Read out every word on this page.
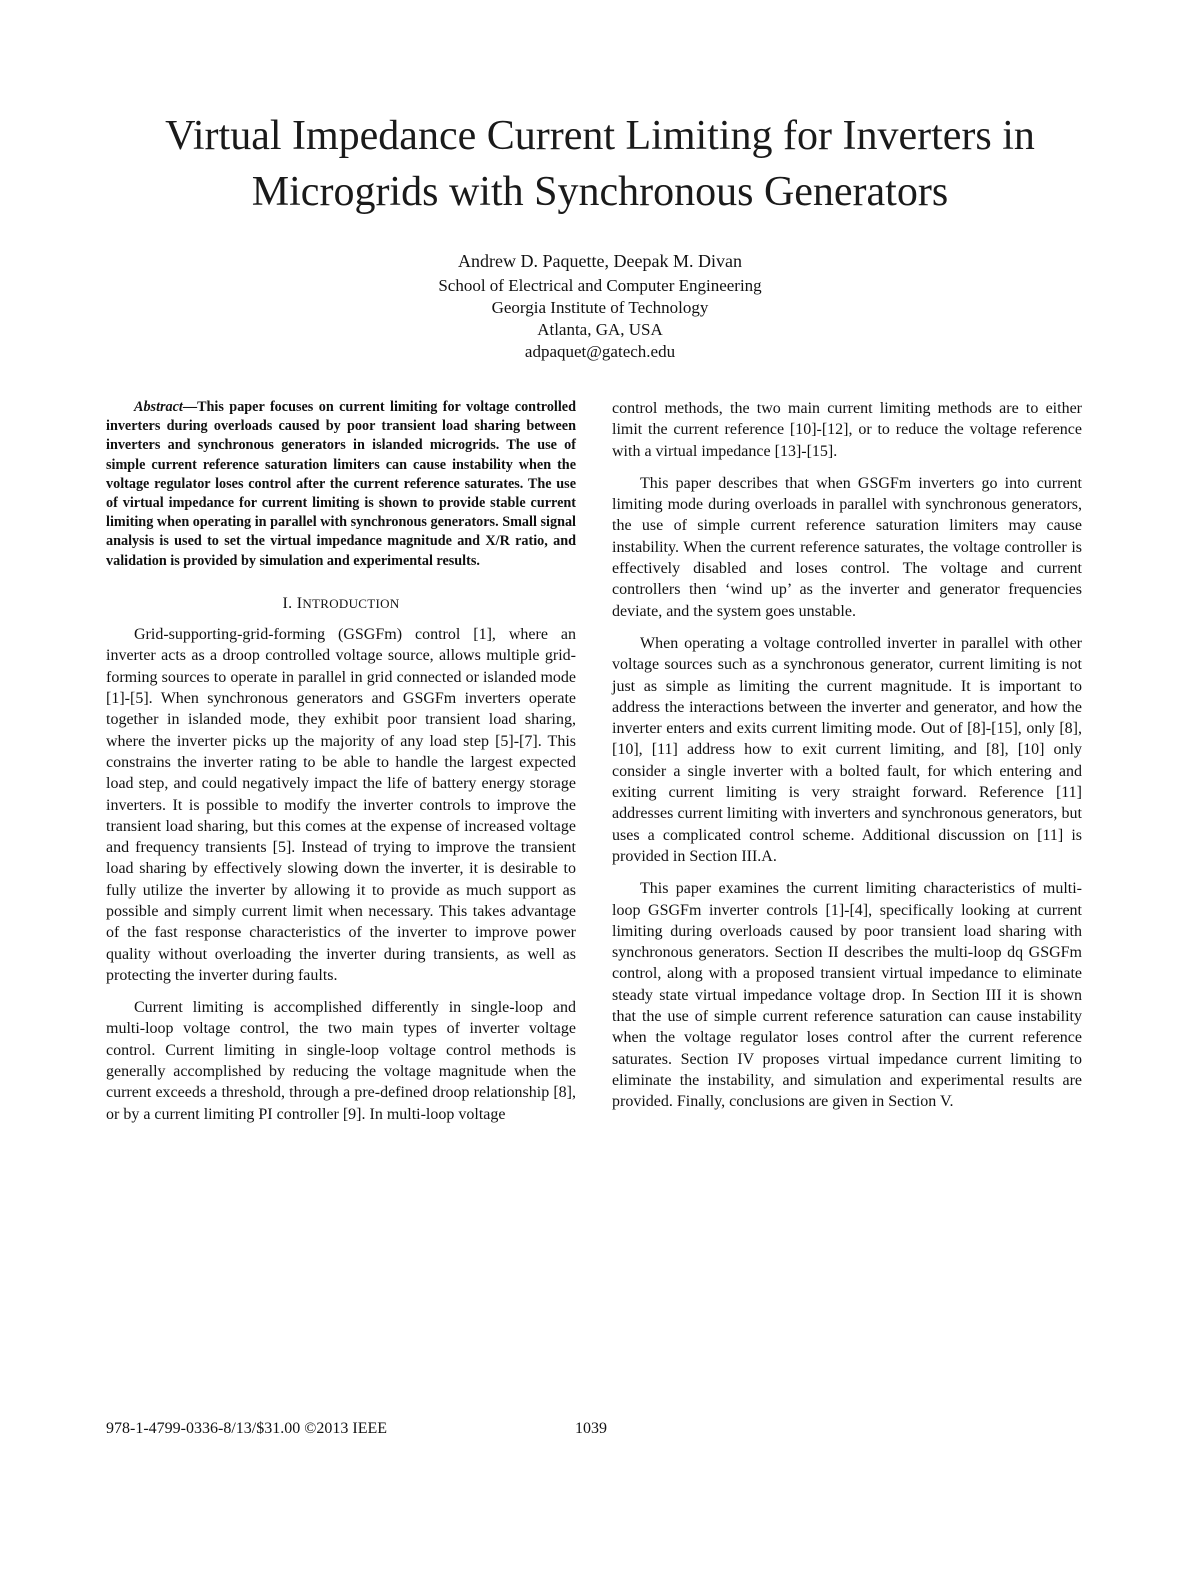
Virtual Impedance Current Limiting for Inverters in Microgrids with Synchronous Generators
Andrew D. Paquette, Deepak M. Divan
School of Electrical and Computer Engineering
Georgia Institute of Technology
Atlanta, GA, USA
adpaquet@gatech.edu

Abstract—This paper focuses on current limiting for voltage controlled inverters during overloads caused by poor transient load sharing between inverters and synchronous generators in islanded microgrids. The use of simple current reference saturation limiters can cause instability when the voltage regulator loses control after the current reference saturates. The use of virtual impedance for current limiting is shown to provide stable current limiting when operating in parallel with synchronous generators. Small signal analysis is used to set the virtual impedance magnitude and X/R ratio, and validation is provided by simulation and experimental results.

I. INTRODUCTION

Grid-supporting-grid-forming (GSGFm) control [1], where an inverter acts as a droop controlled voltage source, allows multiple grid-forming sources to operate in parallel in grid connected or islanded mode [1]-[5]. When synchronous generators and GSGFm inverters operate together in islanded mode, they exhibit poor transient load sharing, where the inverter picks up the majority of any load step [5]-[7]. This constrains the inverter rating to be able to handle the largest expected load step, and could negatively impact the life of battery energy storage inverters. It is possible to modify the inverter controls to improve the transient load sharing, but this comes at the expense of increased voltage and frequency transients [5]. Instead of trying to improve the transient load sharing by effectively slowing down the inverter, it is desirable to fully utilize the inverter by allowing it to provide as much support as possible and simply current limit when necessary. This takes advantage of the fast response characteristics of the inverter to improve power quality without overloading the inverter during transients, as well as protecting the inverter during faults.

Current limiting is accomplished differently in single-loop and multi-loop voltage control, the two main types of inverter voltage control. Current limiting in single-loop voltage control methods is generally accomplished by reducing the voltage magnitude when the current exceeds a threshold, through a pre-defined droop relationship [8], or by a current limiting PI controller [9]. In multi-loop voltage

control methods, the two main current limiting methods are to either limit the current reference [10]-[12], or to reduce the voltage reference with a virtual impedance [13]-[15].

This paper describes that when GSGFm inverters go into current limiting mode during overloads in parallel with synchronous generators, the use of simple current reference saturation limiters may cause instability. When the current reference saturates, the voltage controller is effectively disabled and loses control. The voltage and current controllers then ‘wind up’ as the inverter and generator frequencies deviate, and the system goes unstable.

When operating a voltage controlled inverter in parallel with other voltage sources such as a synchronous generator, current limiting is not just as simple as limiting the current magnitude. It is important to address the interactions between the inverter and generator, and how the inverter enters and exits current limiting mode. Out of [8]-[15], only [8], [10], [11] address how to exit current limiting, and [8], [10] only consider a single inverter with a bolted fault, for which entering and exiting current limiting is very straight forward. Reference [11] addresses current limiting with inverters and synchronous generators, but uses a complicated control scheme. Additional discussion on [11] is provided in Section III.A.

This paper examines the current limiting characteristics of multi-loop GSGFm inverter controls [1]-[4], specifically looking at current limiting during overloads caused by poor transient load sharing with synchronous generators. Section II describes the multi-loop dq GSGFm control, along with a proposed transient virtual impedance to eliminate steady state virtual impedance voltage drop. In Section III it is shown that the use of simple current reference saturation can cause instability when the voltage regulator loses control after the current reference saturates. Section IV proposes virtual impedance current limiting to eliminate the instability, and simulation and experimental results are provided. Finally, conclusions are given in Section V.

978-1-4799-0336-8/13/$31.00 ©2013 IEEE	1039
